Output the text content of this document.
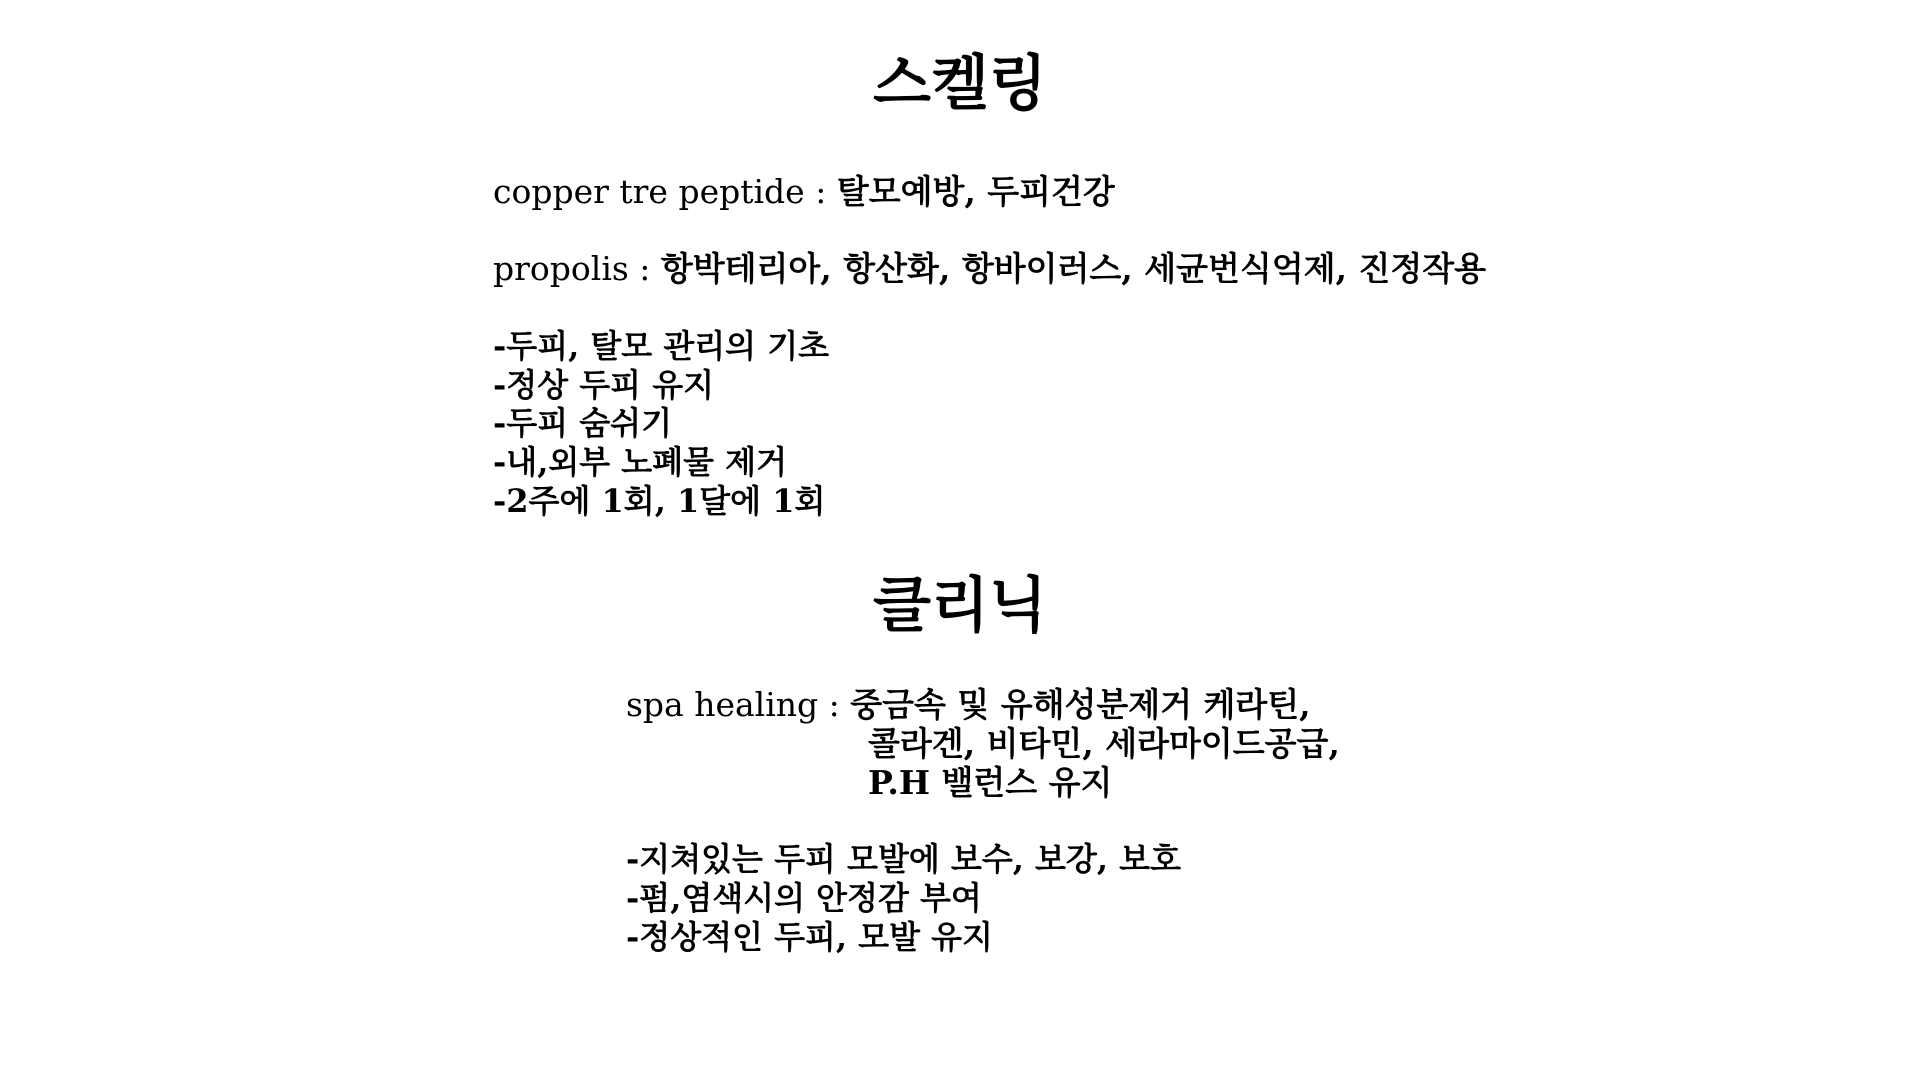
스켈링
copper tre peptide : 탈모예방, 두피건강
propolis : 항박테리아, 항산화, 항바이러스, 세균번식억제, 진정작용
-두피, 탈모 관리의 기초
-정상 두피 유지
-두피 숨쉬기
-내,외부 노폐물 제거
-2주에 1회, 1달에 1회
클리닉
spa healing : 중금속 및 유해성분제거 케라틴,
콜라겐, 비타민, 세라마이드공급,
P.H 밸런스 유지
-지쳐있는 두피 모발에 보수, 보강, 보호
-펌,염색시의 안정감 부여
-정상적인 두피, 모발 유지
